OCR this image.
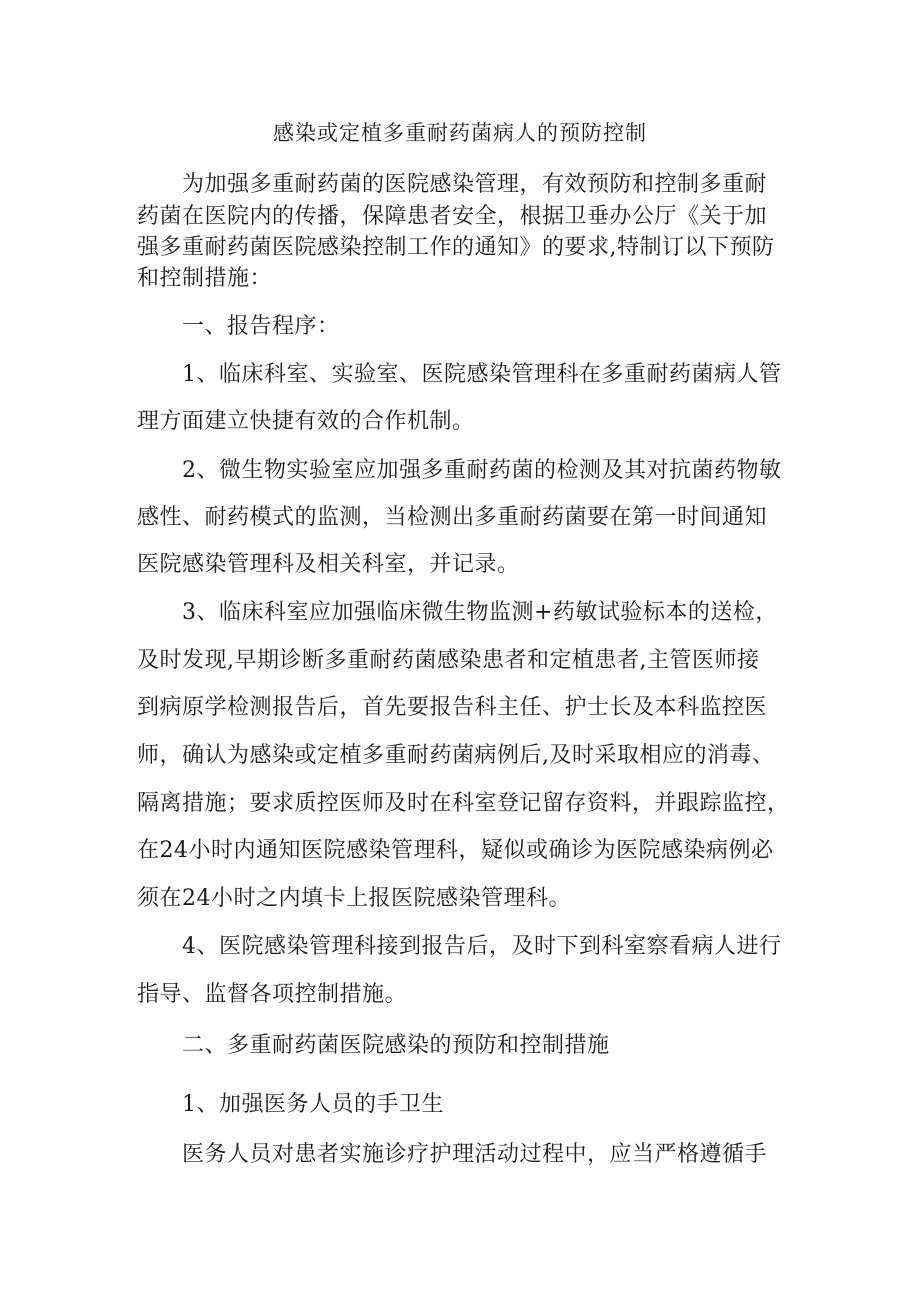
感染或定植多重耐药菌病人的预防控制

为加强多重耐药菌的医院感染管理，有效预防和控制多重耐

药菌在医院内的传播，保障患者安全，根据卫垂办公厅《关于加

强多重耐药菌医院感染控制工作的通知》的要求,特制订以下预防

和控制措施：

一、报告程序：

1、临床科室、实验室、医院感染管理科在多重耐药菌病人管

理方面建立快捷有效的合作机制。

2、微生物实验室应加强多重耐药菌的检测及其对抗菌药物敏

感性、耐药模式的监测，当检测出多重耐药菌要在第一时间通知

医院感染管理科及相关科室，并记录。

3、临床科室应加强临床微生物监测+药敏试验标本的送检，

及时发现,早期诊断多重耐药菌感染患者和定植患者,主管医师接

到病原学检测报告后，首先要报告科主任、护士长及本科监控医

师，确认为感染或定植多重耐药菌病例后,及时采取相应的消毒、

隔离措施；要求质控医师及时在科室登记留存资料，并跟踪监控，

在24小时内通知医院感染管理科，疑似或确诊为医院感染病例必

须在24小时之内填卡上报医院感染管理科。

4、医院感染管理科接到报告后，及时下到科室察看病人进行

指导、监督各项控制措施。

二、多重耐药菌医院感染的预防和控制措施

1、加强医务人员的手卫生

医务人员对患者实施诊疗护理活动过程中，应当严格遵循手
